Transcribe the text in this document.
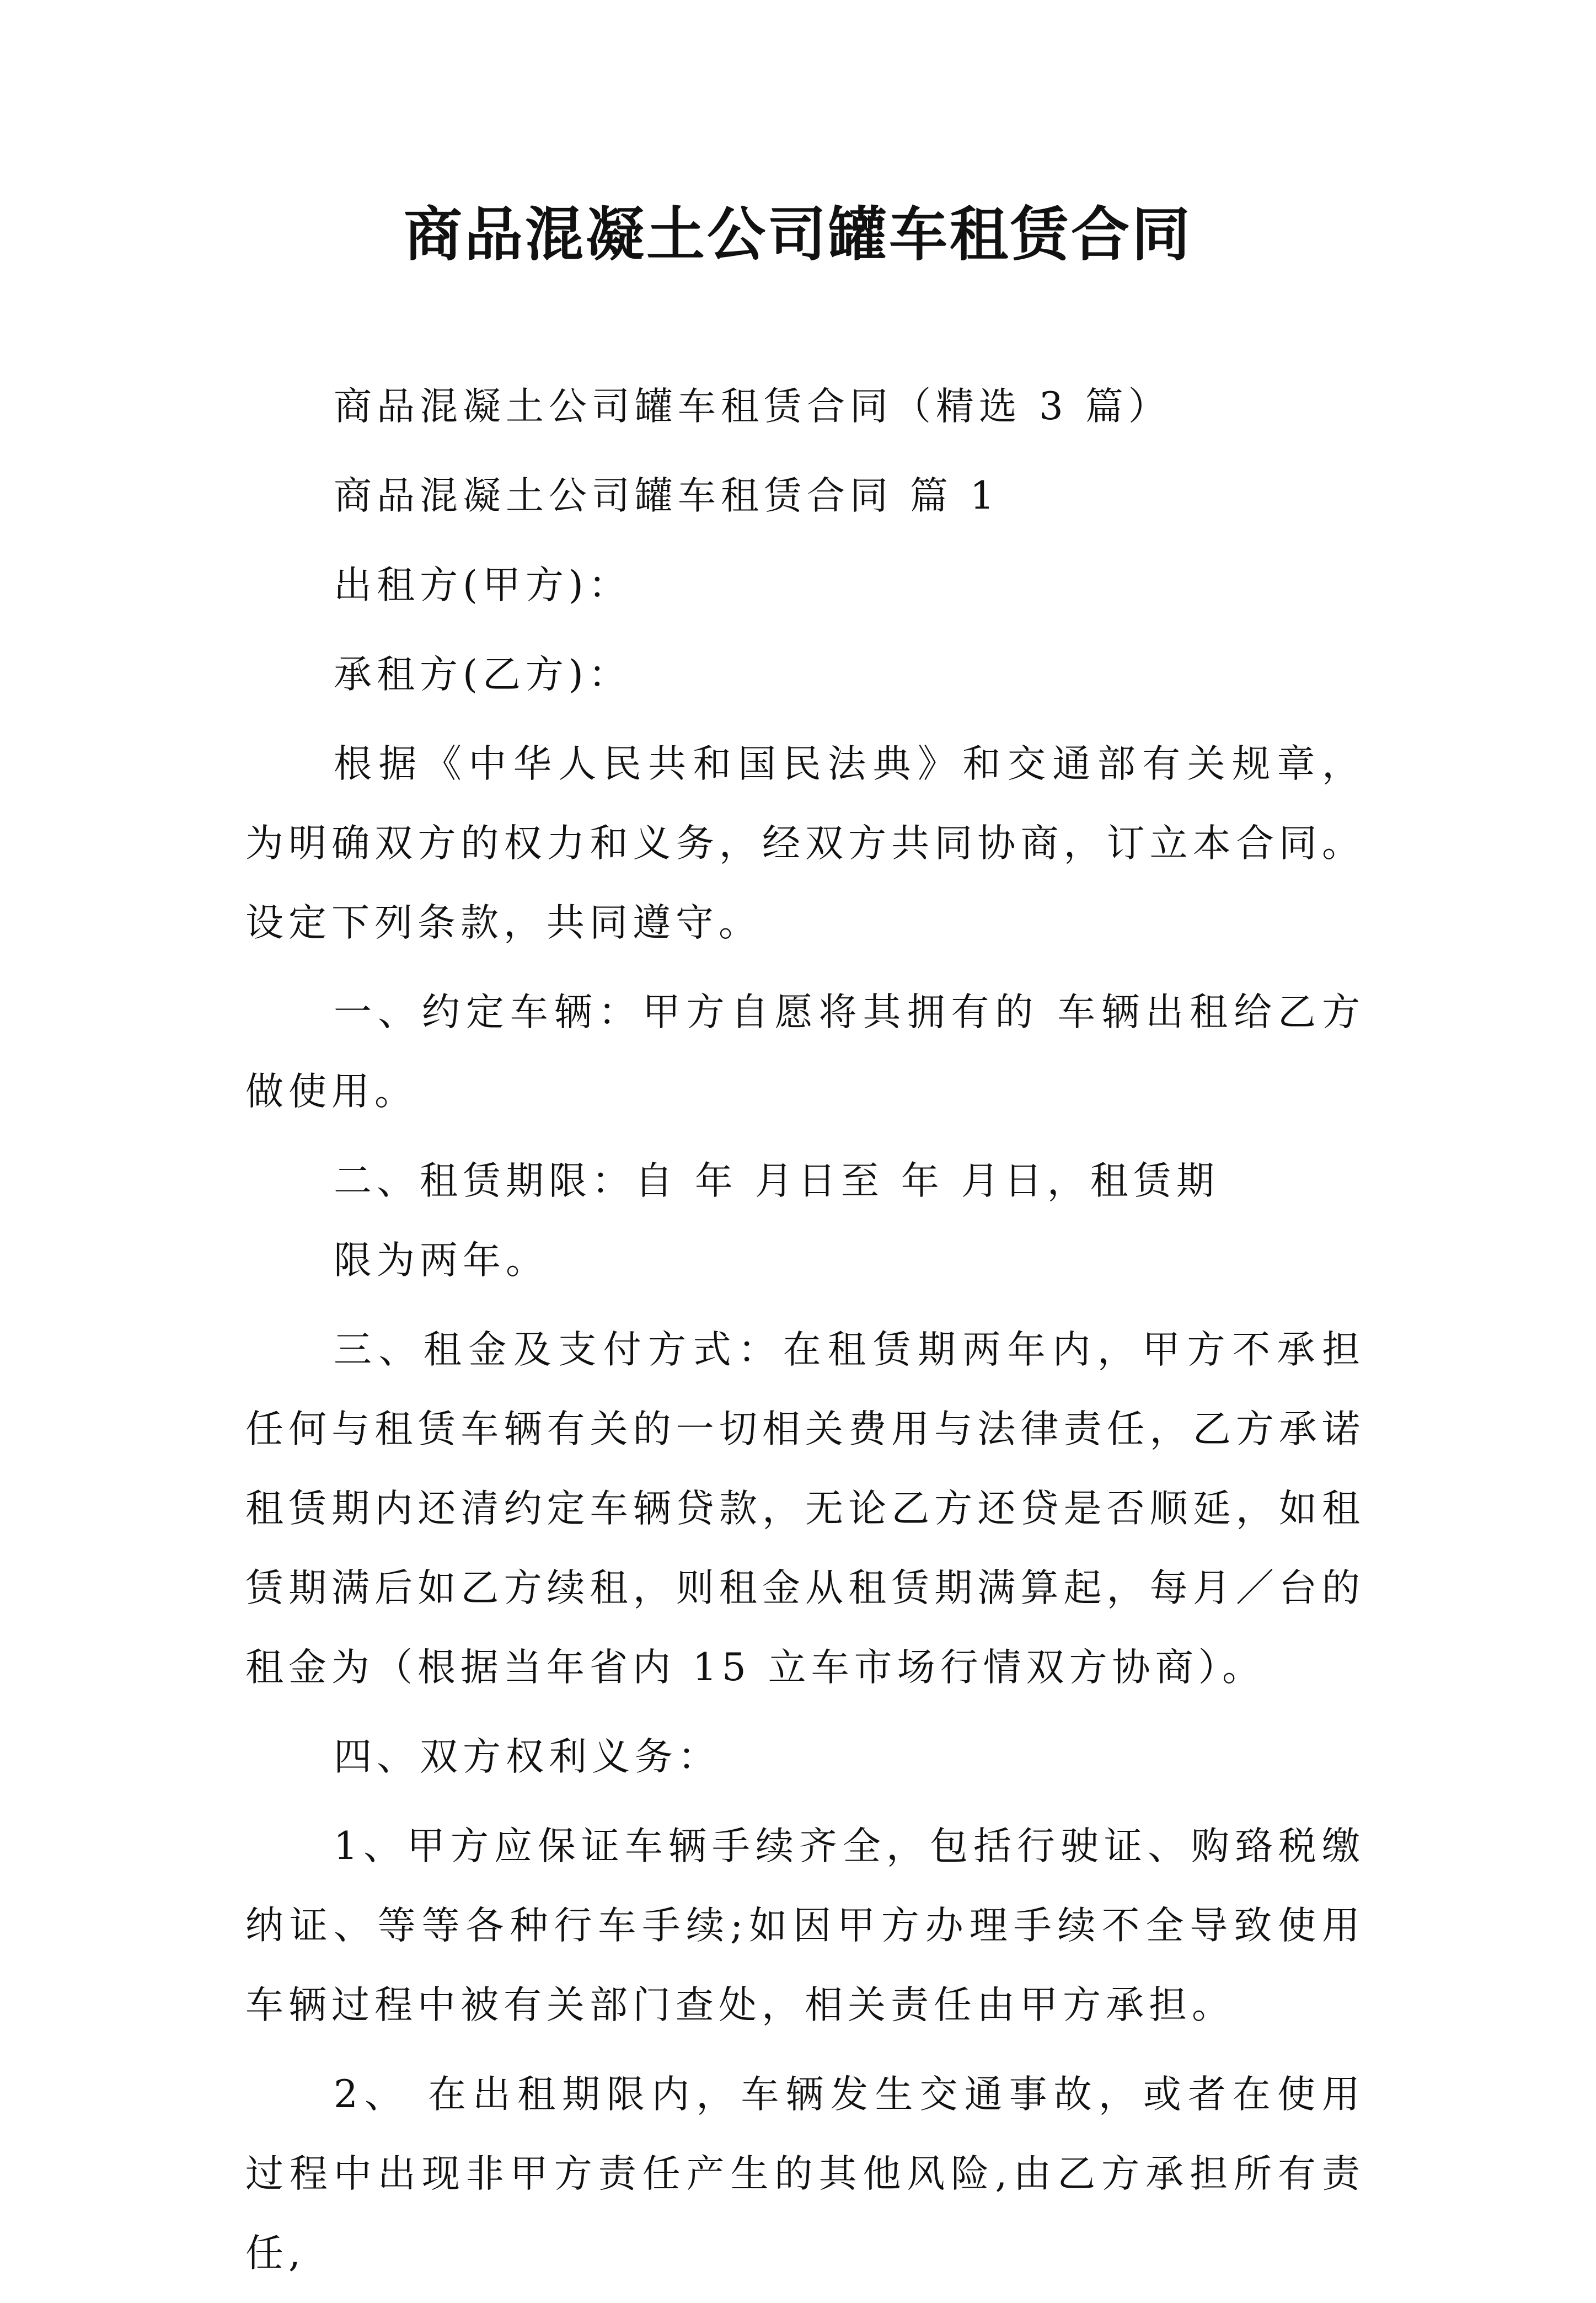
商品混凝土公司罐车租赁合同

商品混凝土公司罐车租赁合同（精选 3 篇）

商品混凝土公司罐车租赁合同 篇 1

出租方(甲方)：

承租方(乙方)：

根据《中华人民共和国民法典》和交通部有关规章，为明确双方的权力和义务，经双方共同协商，订立本合同。设定下列条款，共同遵守。

一、约定车辆：甲方自愿将其拥有的 车辆出租给乙方做使用。

二、租赁期限：自 年 月日至 年 月日，租赁期

限为两年。

三、租金及支付方式：在租赁期两年内，甲方不承担任何与租赁车辆有关的一切相关费用与法律责任，乙方承诺租赁期内还清约定车辆贷款，无论乙方还贷是否顺延，如租赁期满后如乙方续租，则租金从租赁期满算起，每月／台的租金为（根据当年省内 15 立车市场行情双方协商）。

四、双方权利义务：

1、甲方应保证车辆手续齐全，包括行驶证、购臵税缴纳证、等等各种行车手续;如因甲方办理手续不全导致使用车辆过程中被有关部门查处，相关责任由甲方承担。

2、 在出租期限内，车辆发生交通事故，或者在使用过程中出现非甲方责任产生的其他风险,由乙方承担所有责任,
